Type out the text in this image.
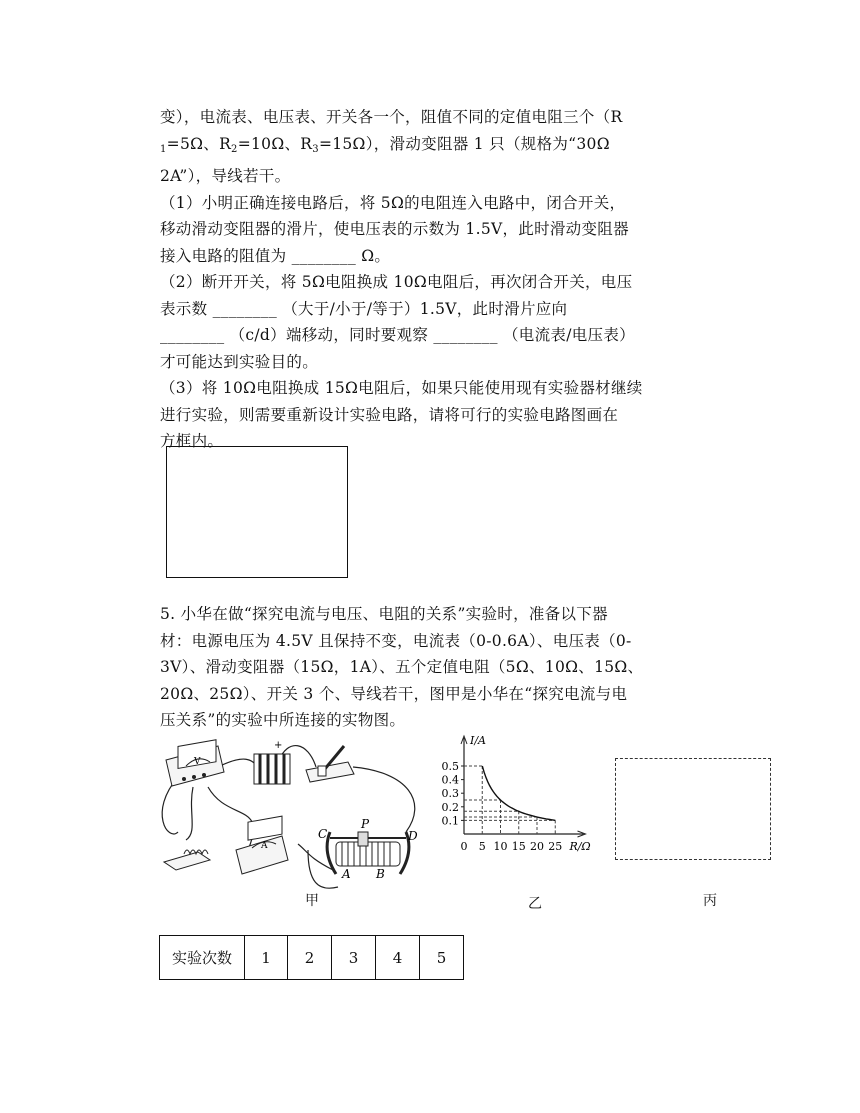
变），电流表、电压表、开关各一个，阻值不同的定值电阻三个（R

$_1$=5Ω、$R_2=10\Omega$、$R_3=15\Omega$），滑动变阻器 1 只（规格为“30Ω

2A”），导线若干。

（1）小明正确连接电路后，将 5Ω的电阻连入电路中，闭合开关，

移动滑动变阻器的滑片，使电压表的示数为 1.5V，此时滑动变阻器

接入电路的阻值为 ________ Ω。

（2）断开开关，将 5Ω电阻换成 10Ω电阻后，再次闭合开关，电压

表示数 ________ （大于/小于/等于）1.5V，此时滑片应向

________ （c/d）端移动，同时要观察 ________ （电流表/电压表）

才可能达到实验目的。

（3）将 10Ω电阻换成 15Ω电阻后，如果只能使用现有实验器材继续

进行实验，则需要重新设计实验电路，请将可行的实验电路图画在

方框内。

5. 小华在做“探究电流与电压、电阻的关系”实验时，准备以下器

材：电源电压为 4.5V 且保持不变，电流表（0-0.6A）、电压表（0-

3V）、滑动变阻器（15Ω，1A）、五个定值电阻（5Ω、10Ω、15Ω、

20Ω、25Ω）、开关 3 个、导线若干，图甲是小华在“探究电流与电

压关系”的实验中所连接的实物图。

V
+
A
C
P
D
A B
甲
0 5 10 15 20 25
0.1
0.2
0.3
0.4
0.5
I/A
R/Ω
乙	丙
实验次数	1	2	3	4	5
